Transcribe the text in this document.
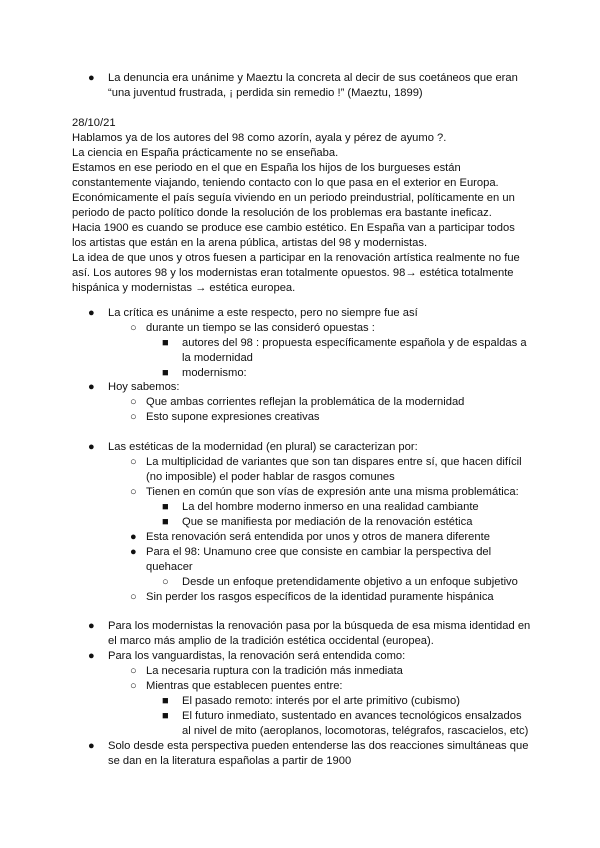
● La denuncia era unánime y Maeztu la concreta al decir de sus coetáneos que eran
“una juventud frustrada, ¡ perdida sin remedio !” (Maeztu, 1899)
28/10/21
Hablamos ya de los autores del 98 como azorín, ayala y pérez de ayumo ?.
La ciencia en España prácticamente no se enseñaba.
Estamos en ese periodo en el que en España los hijos de los burgueses están
constantemente viajando, teniendo contacto con lo que pasa en el exterior en Europa.
Económicamente el país seguía viviendo en un periodo preindustrial, políticamente en un
periodo de pacto político donde la resolución de los problemas era bastante ineficaz.
Hacia 1900 es cuando se produce ese cambio estético. En España van a participar todos
los artistas que están en la arena pública, artistas del 98 y modernistas.
La idea de que unos y otros fuesen a participar en la renovación artística realmente no fue
así. Los autores 98 y los modernistas eran totalmente opuestos. 98→ estética totalmente
hispánica y modernistas → estética europea.
● La crítica es unánime a este respecto, pero no siempre fue así
○ durante un tiempo se las consideró opuestas :
■ autores del 98 : propuesta específicamente española y de espaldas a
la modernidad
■ modernismo:
● Hoy sabemos:
○ Que ambas corrientes reflejan la problemática de la modernidad
○ Esto supone expresiones creativas
● Las estéticas de la modernidad (en plural) se caracterizan por:
○ La multiplicidad de variantes que son tan dispares entre sí, que hacen difícil
(no imposible) el poder hablar de rasgos comunes
○ Tienen en común que son vías de expresión ante una misma problemática:
■ La del hombre moderno inmerso en una realidad cambiante
■ Que se manifiesta por mediación de la renovación estética
● Esta renovación será entendida por unos y otros de manera diferente
● Para el 98: Unamuno cree que consiste en cambiar la perspectiva del
quehacer
○ Desde un enfoque pretendidamente objetivo a un enfoque subjetivo
○ Sin perder los rasgos específicos de la identidad puramente hispánica
● Para los modernistas la renovación pasa por la búsqueda de esa misma identidad en
el marco más amplio de la tradición estética occidental (europea).
● Para los vanguardistas, la renovación será entendida como:
○ La necesaria ruptura con la tradición más inmediata
○ Mientras que establecen puentes entre:
■ El pasado remoto: interés por el arte primitivo (cubismo)
■ El futuro inmediato, sustentado en avances tecnológicos ensalzados
al nivel de mito (aeroplanos, locomotoras, telégrafos, rascacielos, etc)
● Solo desde esta perspectiva pueden entenderse las dos reacciones simultáneas que
se dan en la literatura españolas a partir de 1900
